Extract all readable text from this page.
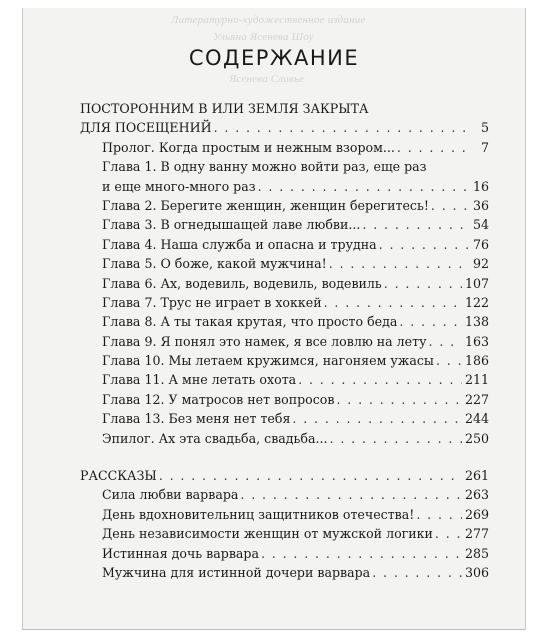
Литературно-художественное издание
Ульяна Ясенева Шоу
Ясенева Сливье
СОДЕРЖАНИЕ
ПОСТОРОННИМ В ИЛИ ЗЕМЛЯ ЗАКРЫТА
ДЛЯ ПОСЕЩЕНИЙ . . .	5
Пролог. Когда простым и нежным взором... . . .	7
Глава 1. В одну ванну можно войти раз, еще раз
и еще много-много раз . . .	16
Глава 2. Берегите женщин, женщин берегитесь! . . .	36
Глава 3. В огнедышащей лаве любви... . . .	54
Глава 4. Наша служба и опасна и трудна . . .	76
Глава 5. О боже, какой мужчина! . . .	92
Глава 6. Ах, водевиль, водевиль, водевиль . . .	107
Глава 7. Трус не играет в хоккей . . .	122
Глава 8. А ты такая крутая, что просто беда . . .	138
Глава 9. Я понял это намек, я все ловлю на лету . . .	163
Глава 10. Мы летаем кружимся, нагоняем ужасы . . . 186
Глава 11. А мне летать охота . . .	211
Глава 12. У матросов нет вопросов . . .	227
Глава 13. Без меня нет тебя . . .	244
Эпилог. Ах эта свадьба, свадьба... . . .	250
РАССКАЗЫ . . .	261
Сила любви варвара . . .	263
День вдохновительниц защитников отечества! . . .	269
День независимости женщин от мужской логики . . .	277
Истинная дочь варвара . . .	285
Мужчина для истинной дочери варвара . . .	306
